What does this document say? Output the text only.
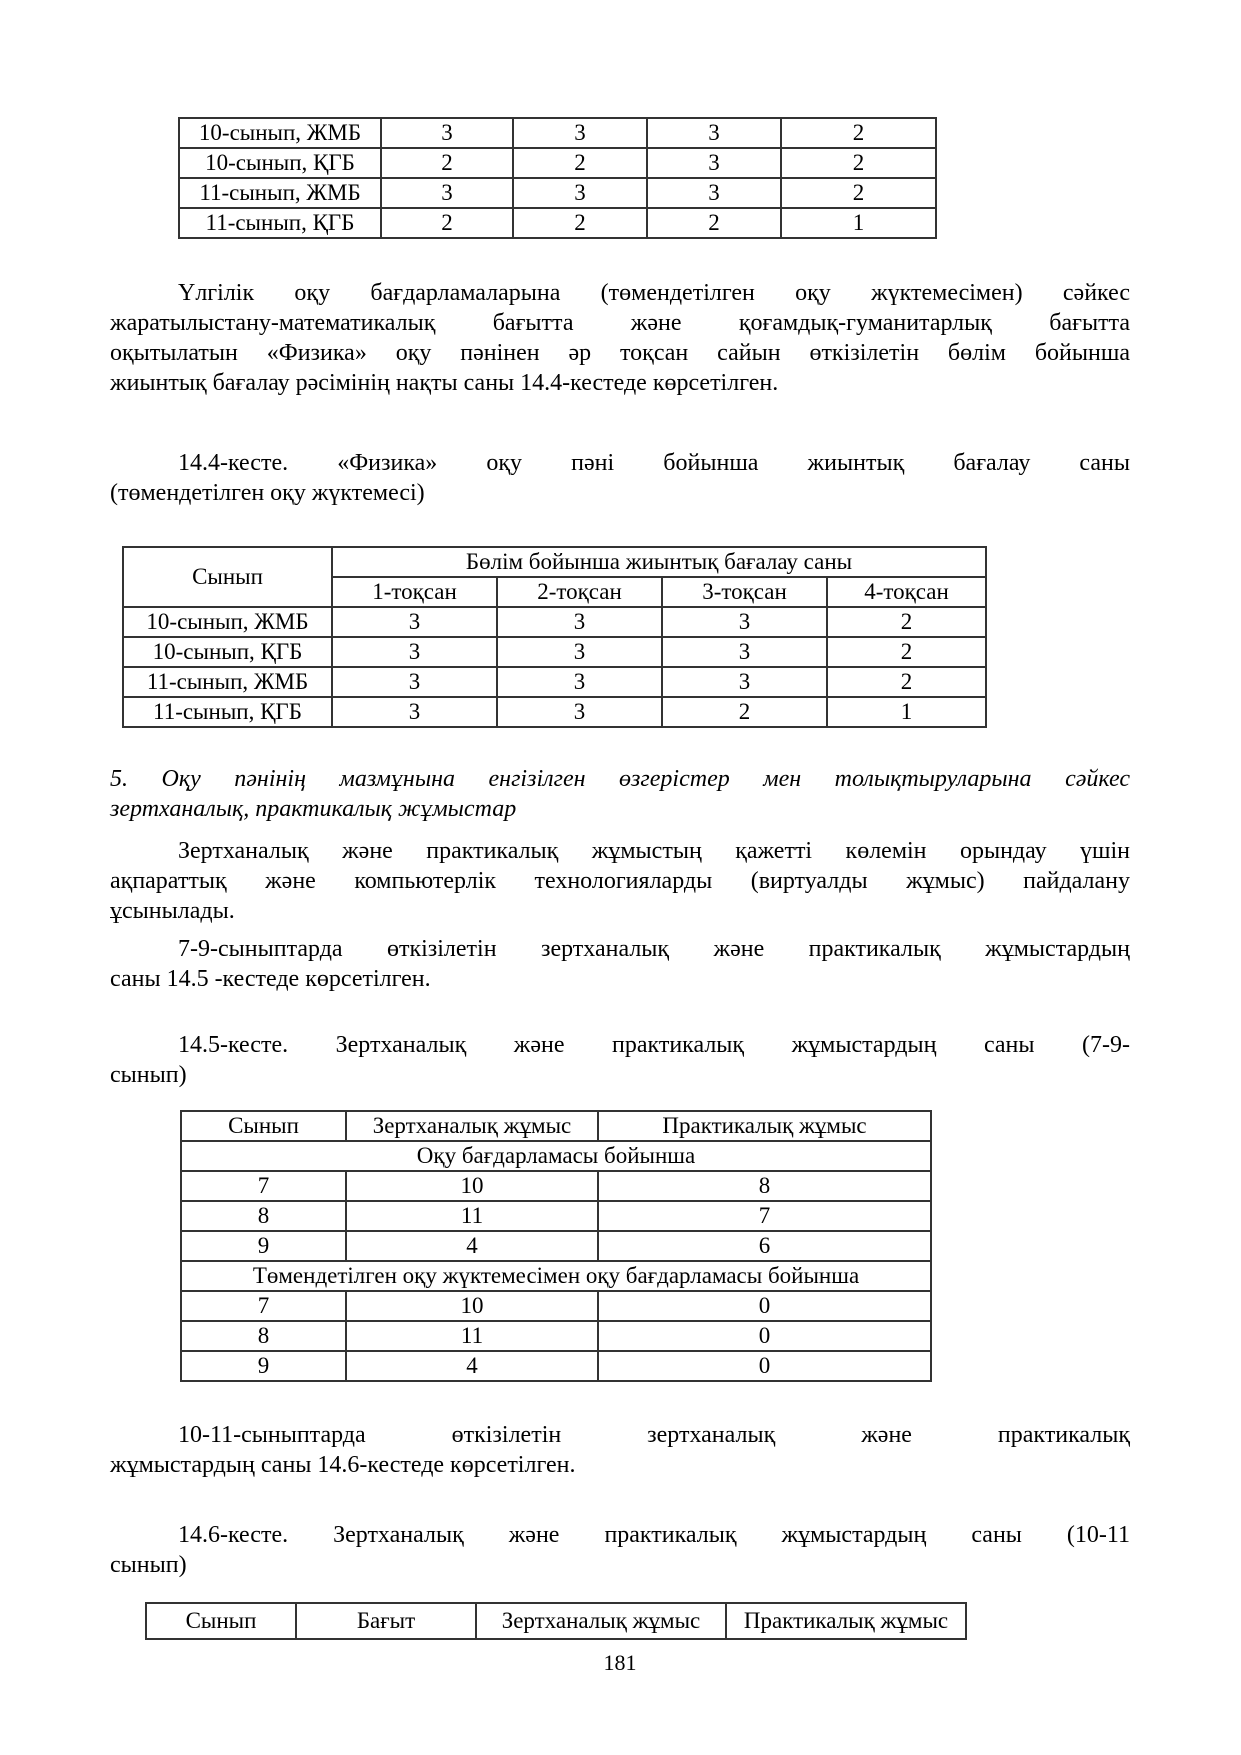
10-сынып, ЖМБ	3	3	3	2
10-сынып, ҚГБ	2	2	3	2
11-сынып, ЖМБ	3	3	3	2
11-сынып, ҚГБ	2	2	2	1

Үлгілік оқу бағдарламаларына (төмендетілген оқу жүктемесімен) сәйкес
жаратылыстану-математикалық бағытта және қоғамдық-гуманитарлық бағытта
оқытылатын «Физика» оқу пәнінен әр тоқсан сайын өткізілетін бөлім бойынша
жиынтық бағалау рәсімінің нақты саны 14.4-кестеде көрсетілген.

14.4-кесте. «Физика» оқу пәні бойынша жиынтық бағалау саны
(төмендетілген оқу жүктемесі)

Сынып	Бөлім бойынша жиынтық бағалау саны			
	1-тоқсан	2-тоқсан	3-тоқсан	4-тоқсан
10-сынып, ЖМБ	3	3	3	2
10-сынып, ҚГБ	3	3	3	2
11-сынып, ЖМБ	3	3	3	2
11-сынып, ҚГБ	3	3	2	1

5. Оқу пәнінің мазмұнына енгізілген өзгерістер мен толықтыруларына сәйкес
зертханалық, практикалық жұмыстар

Зертханалық және практикалық жұмыстың қажетті көлемін орындау үшін
ақпараттық және компьютерлік технологияларды (виртуалды жұмыс) пайдалану
ұсынылады.

7-9-сыныптарда өткізілетін зертханалық және практикалық жұмыстардың
саны 14.5 -кестеде көрсетілген.

14.5-кесте. Зертханалық және практикалық жұмыстардың саны (7-9-
сынып)

Сынып	Зертханалық жұмыс	Практикалық жұмыс
Оқу бағдарламасы бойынша		
7	10	8
8	11	7
9	4	6
Төмендетілген оқу жүктемесімен оқу бағдарламасы бойынша		
7	10	0
8	11	0
9	4	0

10-11-сыныптарда өткізілетін зертханалық және практикалық
жұмыстардың саны 14.6-кестеде көрсетілген.

14.6-кесте. Зертханалық және практикалық жұмыстардың саны (10-11
сынып)

Сынып	Бағыт	Зертханалық жұмыс	Практикалық жұмыс
181
